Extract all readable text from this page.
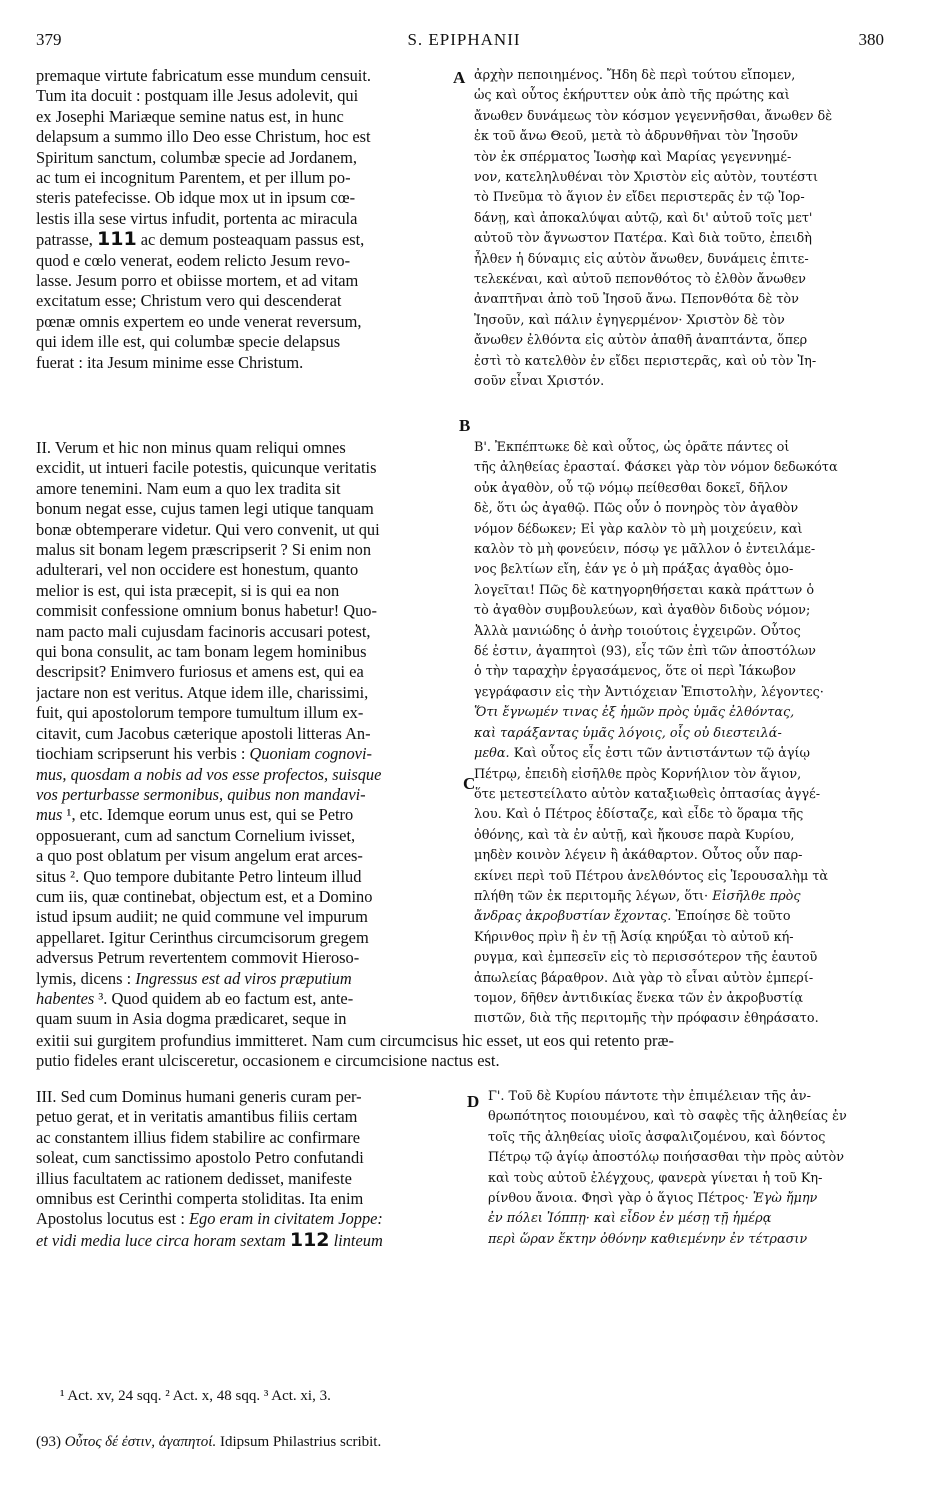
379	S. EPIPHANII	380
A
B
C
D
premaque virtute fabricatum esse mundum censuit.
Tum ita docuit : postquam ille Jesus adolevit, qui
ex Josephi Mariæque semine natus est, in hunc
delapsum a summo illo Deo esse Christum, hoc est
Spiritum sanctum, columbæ specie ad Jordanem,
ac tum ei incognitum Parentem, et per illum po-
steris patefecisse. Ob idque mox ut in ipsum cœ-
lestis illa sese virtus infudit, portenta ac miracula
patrasse, 111 ac demum posteaquam passus est,
quod e cœlo venerat, eodem relicto Jesum revo-
lasse. Jesum porro et obiisse mortem, et ad vitam
excitatum esse; Christum vero qui descenderat
pœnæ omnis expertem eo unde venerat reversum,
qui idem ille est, qui columbæ specie delapsus
fuerat : ita Jesum minime esse Christum.
II. Verum et hic non minus quam reliqui omnes
excidit, ut intueri facile potestis, quicunque veritatis
amore tenemini. Nam eum a quo lex tradita sit
bonum negat esse, cujus tamen legi utique tanquam
bonæ obtemperare videtur. Qui vero convenit, ut qui
malus sit bonam legem præscripserit ? Si enim non
adulterari, vel non occidere est honestum, quanto
melior is est, qui ista præcepit, si is qui ea non
commisit confessione omnium bonus habetur! Quo-
nam pacto mali cujusdam facinoris accusari potest,
qui bona consulit, ac tam bonam legem hominibus
descripsit? Enimvero furiosus et amens est, qui ea
jactare non est veritus. Atque idem ille, charissimi,
fuit, qui apostolorum tempore tumultum illum ex-
citavit, cum Jacobus cæterique apostoli litteras An-
tiochiam scripserunt his verbis : Quoniam cognovi-
mus, quosdam a nobis ad vos esse profectos, suisque
vos perturbasse sermonibus, quibus non mandavi-
mus ¹, etc. Idemque eorum unus est, qui se Petro
opposuerant, cum ad sanctum Cornelium ivisset,
a quo post oblatum per visum angelum erat arces-
situs ². Quo tempore dubitante Petro linteum illud
cum iis, quæ continebat, objectum est, et a Domino
istud ipsum audiit; ne quid commune vel impurum
appellaret. Igitur Cerinthus circumcisorum gregem
adversus Petrum revertentem commovit Hieroso-
lymis, dicens : Ingressus est ad viros præputium
habentes ³. Quod quidem ab eo factum est, ante-
quam suum in Asia dogma prædicaret, seque in
exitii sui gurgitem profundius immitteret. Nam cum circumcisus hic esset, ut eos qui retento præ-
putio fideles erant ulcisceretur, occasionem e circumcisione nactus est.
III. Sed cum Dominus humani generis curam per-
petuo gerat, et in veritatis amantibus filiis certam
ac constantem illius fidem stabilire ac confirmare
soleat, cum sanctissimo apostolo Petro confutandi
illius facultatem ac rationem dedisset, manifeste
omnibus est Cerinthi comperta stoliditas. Ita enim
Apostolus locutus est : Ego eram in civitatem Joppe:
et vidi media luce circa horam sextam 112 linteum
ἀρχὴν πεποιημένος. Ἤδη δὲ περὶ τούτου εἴπομεν,
ὡς καὶ οὗτος ἐκήρυττεν οὐκ ἀπὸ τῆς πρώτης καὶ
ἄνωθεν δυνάμεως τὸν κόσμον γεγεννῆσθαι, ἄνωθεν δὲ
ἐκ τοῦ ἄνω Θεοῦ, μετὰ τὸ ἁδρυνθῆναι τὸν Ἰησοῦν
τὸν ἐκ σπέρματος Ἰωσὴφ καὶ Μαρίας γεγεννημέ-
νον, κατεληλυθέναι τὸν Χριστὸν εἰς αὐτὸν, τουτέστι
τὸ Πνεῦμα τὸ ἅγιον ἐν εἴδει περιστερᾶς ἐν τῷ Ἰορ-
δάνῃ, καὶ ἀποκαλύψαι αὐτῷ, καὶ δι' αὐτοῦ τοῖς μετ'
αὐτοῦ τὸν ἄγνωστον Πατέρα. Καὶ διὰ τοῦτο, ἐπειδὴ
ἦλθεν ἡ δύναμις εἰς αὐτὸν ἄνωθεν, δυνάμεις ἐπιτε-
τελεκέναι, καὶ αὐτοῦ πεπονθότος τὸ ἐλθὸν ἄνωθεν
ἀναπτῆναι ἀπὸ τοῦ Ἰησοῦ ἄνω. Πεπονθότα δὲ τὸν
Ἰησοῦν, καὶ πάλιν ἐγηγερμένον· Χριστὸν δὲ τὸν
ἄνωθεν ἐλθόντα εἰς αὐτὸν ἀπαθῆ ἀναπτάντα, ὅπερ
ἐστὶ τὸ κατελθὸν ἐν εἴδει περιστερᾶς, καὶ οὐ τὸν Ἰη-
σοῦν εἶναι Χριστόν.
Β'. Ἐκπέπτωκε δὲ καὶ οὗτος, ὡς ὁρᾶτε πάντες οἱ
τῆς ἀληθείας ἐρασταί. Φάσκει γὰρ τὸν νόμον δεδωκότα
οὐκ ἀγαθὸν, οὗ τῷ νόμῳ πείθεσθαι δοκεῖ, δῆλον
δὲ, ὅτι ὡς ἀγαθῷ. Πῶς οὖν ὁ πονηρὸς τὸν ἀγαθὸν
νόμον δέδωκεν; Εἰ γὰρ καλὸν τὸ μὴ μοιχεύειν, καὶ
καλὸν τὸ μὴ φονεύειν, πόσῳ γε μᾶλλον ὁ ἐντειλάμε-
νος βελτίων εἴη, ἐάν γε ὁ μὴ πράξας ἀγαθὸς ὁμο-
λογεῖται! Πῶς δὲ κατηγορηθήσεται κακὰ πράττων ὁ
τὸ ἀγαθὸν συμβουλεύων, καὶ ἀγαθὸν διδοὺς νόμον;
Ἀλλὰ μανιώδης ὁ ἀνὴρ τοιούτοις ἐγχειρῶν. Οὗτος
δέ ἐστιν, ἀγαπητοὶ (93), εἷς τῶν ἐπὶ τῶν ἀποστόλων
ὁ τὴν ταραχὴν ἐργασάμενος, ὅτε οἱ περὶ Ἰάκωβον
γεγράφασιν εἰς τὴν Ἀντιόχειαν Ἐπιστολὴν, λέγοντες·
Ὅτι ἔγνωμέν τινας ἐξ ἡμῶν πρὸς ὑμᾶς ἐλθόντας,
καὶ ταράξαντας ὑμᾶς λόγοις, οἷς οὐ διεστειλά-
μεθα. Καὶ οὗτος εἷς ἐστι τῶν ἀντιστάντων τῷ ἁγίῳ
Πέτρῳ, ἐπειδὴ εἰσῆλθε πρὸς Κορνήλιον τὸν ἅγιον,
ὅτε μετεστείλατο αὐτὸν καταξιωθεὶς ὀπτασίας ἀγγέ-
λου. Καὶ ὁ Πέτρος ἐδίσταζε, καὶ εἶδε τὸ ὅραμα τῆς
ὀθόνης, καὶ τὰ ἐν αὐτῇ, καὶ ἤκουσε παρὰ Κυρίου,
μηδὲν κοινὸν λέγειν ἢ ἀκάθαρτον. Οὗτος οὖν παρ-
εκίνει περὶ τοῦ Πέτρου ἀνελθόντος εἰς Ἱερουσαλὴμ τὰ
πλήθη τῶν ἐκ περιτομῆς λέγων, ὅτι· Εἰσῆλθε πρὸς
ἄνδρας ἀκροβυστίαν ἔχοντας. Ἐποίησε δὲ τοῦτο
Κήρινθος πρὶν ἢ ἐν τῇ Ἀσίᾳ κηρύξαι τὸ αὐτοῦ κή-
ρυγμα, καὶ ἐμπεσεῖν εἰς τὸ περισσότερον τῆς ἑαυτοῦ
ἀπωλείας βάραθρον. Διὰ γὰρ τὸ εἶναι αὐτὸν ἐμπερί-
τομον, δῆθεν ἀντιδικίας ἕνεκα τῶν ἐν ἀκροβυστίᾳ
πιστῶν, διὰ τῆς περιτομῆς τὴν πρόφασιν ἐθηράσατο.
Γ'. Τοῦ δὲ Κυρίου πάντοτε τὴν ἐπιμέλειαν τῆς ἀν-
θρωπότητος ποιουμένου, καὶ τὸ σαφὲς τῆς ἀληθείας ἐν
τοῖς τῆς ἀληθείας υἱοῖς ἀσφαλιζομένου, καὶ δόντος
Πέτρῳ τῷ ἁγίῳ ἀποστόλῳ ποιήσασθαι τὴν πρὸς αὐτὸν
καὶ τοὺς αὐτοῦ ἐλέγχους, φανερὰ γίνεται ἡ τοῦ Κη-
ρίνθου ἄνοια. Φησὶ γὰρ ὁ ἅγιος Πέτρος· Ἐγὼ ἤμην
ἐν πόλει Ἰόππῃ· καὶ εἶδον ἐν μέσῃ τῇ ἡμέρᾳ
περὶ ὥραν ἕκτην ὀθόνην καθιεμένην ἐν τέτρασιν
¹ Act. xv, 24 sqq. ² Act. x, 48 sqq. ³ Act. xi, 3.
(93) Οὗτος δέ ἐστιν, ἀγαπητοί. Idipsum Philastrius scribit.
